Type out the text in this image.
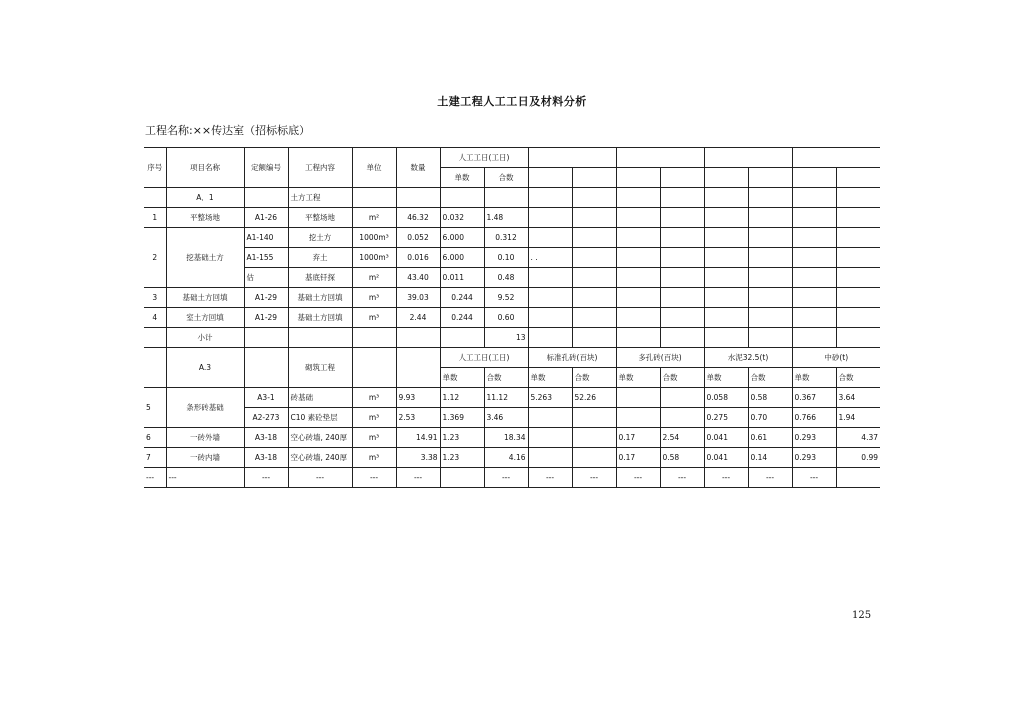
土建工程人工工日及材料分析
工程名称:××传达室（招标标底）
序号	项目名称	定额编号	工程内容	单位	数量	人工工日(工日)									
						单数	合数								
	A．1		土方工程												
1	平整场地	A1-26	平整场地	m²	46.32	0.032	1.48								
2	挖基础土方	A1-140	挖土方	1000m³	0.052	6.000	0.312								
		A1-155	弃土	1000m³	0.016	6.000	0.10	. .							
		估	基底钎探	m²	43.40	0.011	0.48								
3	基础土方回填	A1-29	基础土方回填	m³	39.03	0.244	9.52								
4	室土方回填	A1-29	基础土方回填	m³	2.44	0.244	0.60								
	小计						13								
	A.3		砌筑工程			人工工日(工日)		标准孔砖(百块)		多孔砖(百块)		水泥32.5(t)		中砂(t)	
						单数	合数	单数	合数	单数	合数	单数	合数	单数	合数
5	条形砖基础	A3-1	砖基础	m³	9.93	1.12	11.12	5.263	52.26			0.058	0.58	0.367	3.64
		A2-273	C10 素砼垫层	m³	2.53	1.369	3.46					0.275	0.70	0.766	1.94
6	一砖外墙	A3-18	空心砖墙, 240厚	m³	14.91	1.23	18.34			0.17	2.54	0.041	0.61	0.293	4.37
7	一砖内墙	A3-18	空心砖墙, 240厚	m³	3.38	1.23	4.16			0.17	0.58	0.041	0.14	0.293	0.99
---	---	---	---	---	---		---	---	---	---	---	---	---	---	
125
